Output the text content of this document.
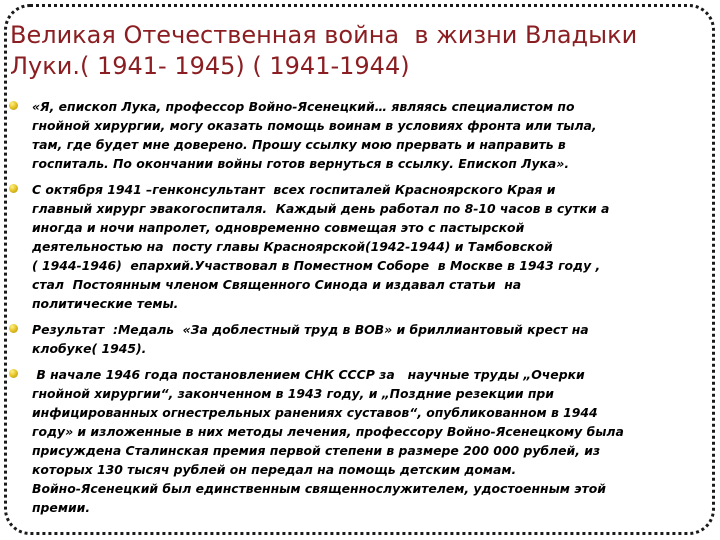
Великая Отечественная война  в жизни Владыки
Луки.( 1941- 1945) ( 1941-1944)
«Я, епископ Лука, профессор Войно-Ясенецкий… являясь специалистом по
гнойной хирургии, могу оказать помощь воинам в условиях фронта или тыла,
там, где будет мне доверено. Прошу ссылку мою прервать и направить в
госпиталь. По окончании войны готов вернуться в ссылку. Епископ Лука».
С октября 1941 –генконсультант  всех госпиталей Красноярского Края и
главный хирург эвакогоспиталя.  Каждый день работал по 8-10 часов в сутки а
иногда и ночи напролет, одновременно совмещая это с пастырской
деятельностью на  посту главы Красноярской(1942-1944) и Тамбовской
( 1944-1946)  епархий.Участвовал в Поместном Соборе  в Москве в 1943 году ,
стал  Постоянным членом Священного Синода и издавал статьи  на
политические темы.
Результат  :Медаль  «За доблестный труд в ВОВ» и бриллиантовый крест на
клобуке( 1945).
В начале 1946 года постановлением СНК СССР за   научные труды „Очерки
гнойной хирургии“, законченном в 1943 году, и „Поздние резекции при
инфицированных огнестрельных ранениях суставов“, опубликованном в 1944
году» и изложенные в них методы лечения, профессору Войно-Ясенецкому была
присуждена Сталинская премия первой степени в размере 200 000 рублей, из
которых 130 тысяч рублей он передал на помощь детским домам.
Войно-Ясенецкий был единственным священнослужителем, удостоенным этой
премии.
